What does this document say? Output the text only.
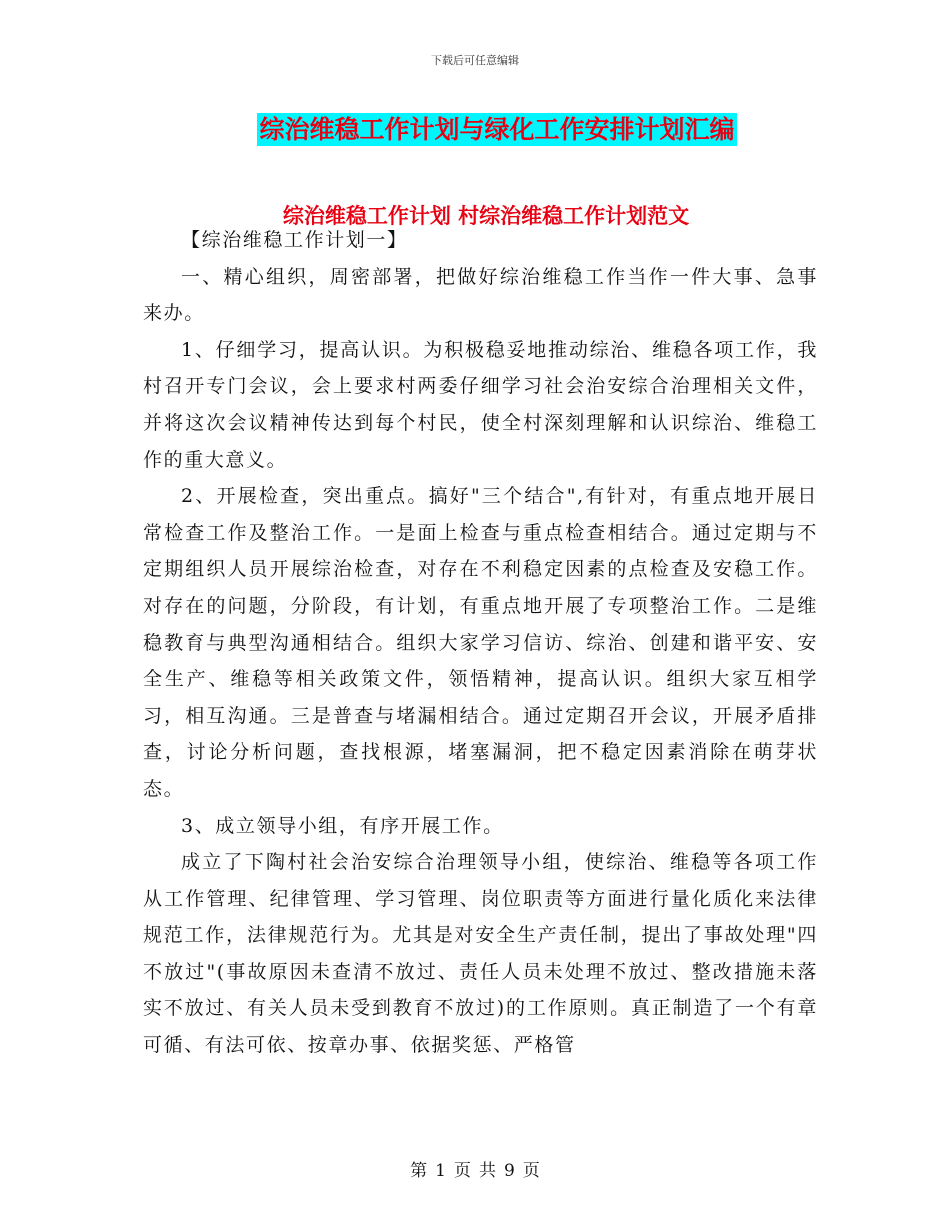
下载后可任意编辑
综治维稳工作计划与绿化工作安排计划汇编
综治维稳工作计划 村综治维稳工作计划范文

【综治维稳工作计划一】

一、精心组织，周密部署，把做好综治维稳工作当作一件大事、急事来办。

1、仔细学习，提高认识。为积极稳妥地推动综治、维稳各项工作，我村召开专门会议，会上要求村两委仔细学习社会治安综合治理相关文件，并将这次会议精神传达到每个村民，使全村深刻理解和认识综治、维稳工作的重大意义。

2、开展检查，突出重点。搞好"三个结合",有针对，有重点地开展日常检查工作及整治工作。一是面上检查与重点检查相结合。通过定期与不定期组织人员开展综治检查，对存在不利稳定因素的点检查及安稳工作。对存在的问题，分阶段，有计划，有重点地开展了专项整治工作。二是维稳教育与典型沟通相结合。组织大家学习信访、综治、创建和谐平安、安全生产、维稳等相关政策文件，领悟精神，提高认识。组织大家互相学习，相互沟通。三是普查与堵漏相结合。通过定期召开会议，开展矛盾排查，讨论分析问题，查找根源，堵塞漏洞，把不稳定因素消除在萌芽状态。

3、成立领导小组，有序开展工作。

成立了下陶村社会治安综合治理领导小组，使综治、维稳等各项工作从工作管理、纪律管理、学习管理、岗位职责等方面进行量化质化来法律规范工作，法律规范行为。尤其是对安全生产责任制，提出了事故处理"四不放过"(事故原因未查清不放过、责任人员未处理不放过、整改措施未落实不放过、有关人员未受到教育不放过)的工作原则。真正制造了一个有章可循、有法可依、按章办事、依据奖惩、严格管

第 1 页 共 9 页
